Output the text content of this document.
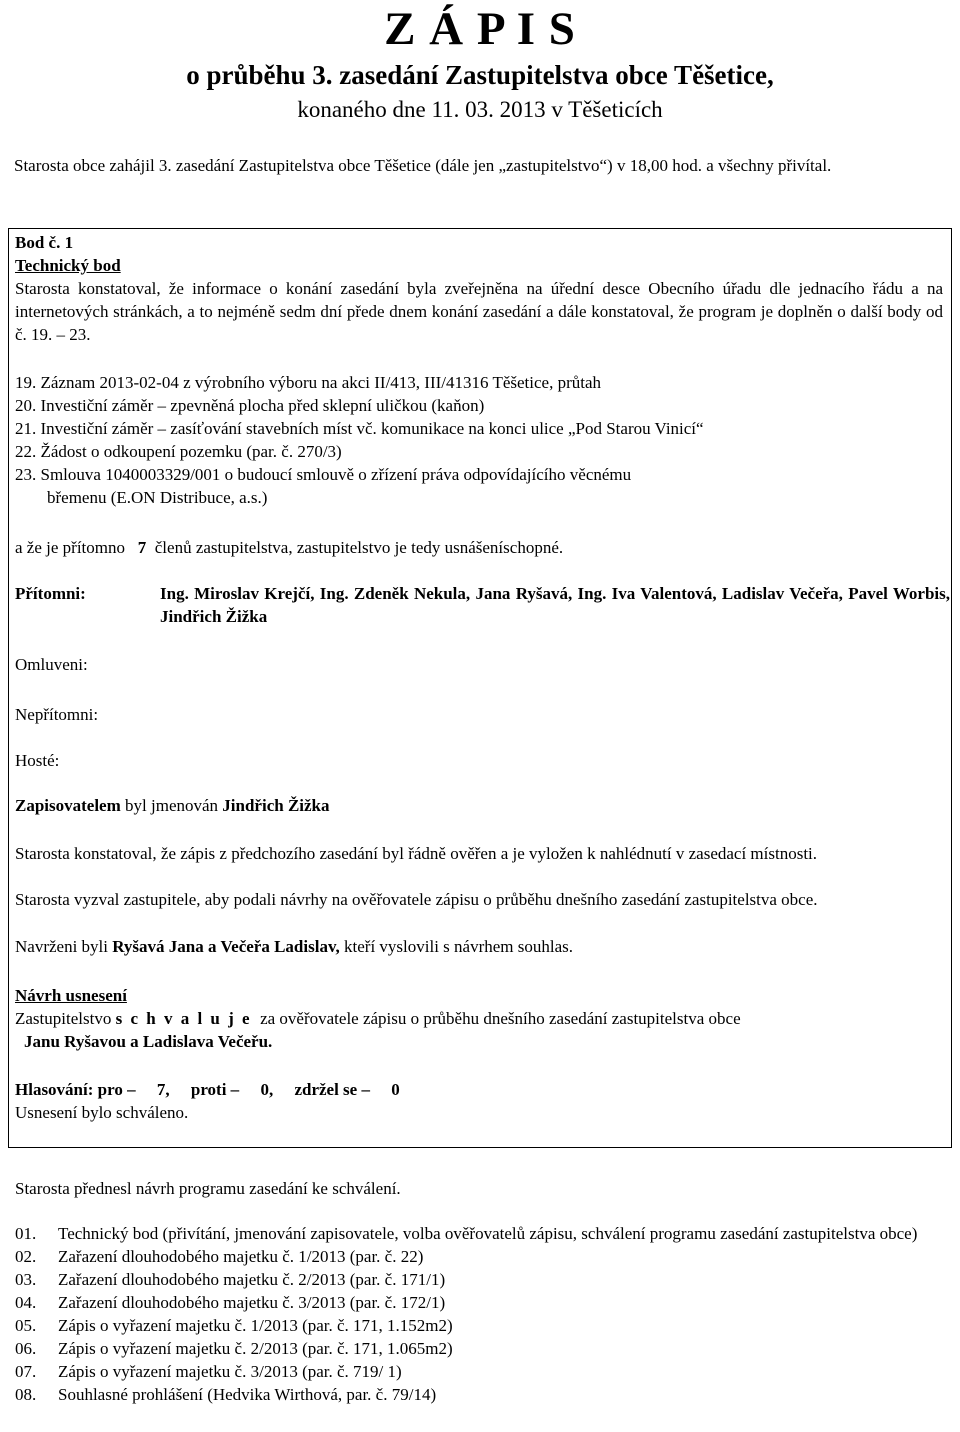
Z Á P I S
o průběhu 3. zasedání Zastupitelstva obce Těšetice,
konaného dne 11. 03. 2013 v Těšeticích
Starosta obce zahájil 3. zasedání Zastupitelstva obce Těšetice (dále jen „zastupitelstvo“) v 18,00 hod. a všechny přivítal.
Bod č. 1
Technický bod
Starosta konstatoval, že informace o konání zasedání byla zveřejněna na úřední desce Obecního úřadu dle jednacího řádu a na internetových stránkách, a to nejméně sedm dní přede dnem konání zasedání a dále konstatoval, že program je doplněn o další body od č. 19. – 23.
19. Záznam 2013-02-04 z výrobního výboru na akci II/413, III/41316 Těšetice, průtah
20. Investiční záměr – zpevněná plocha před sklepní uličkou (kaňon)
21. Investiční záměr – zasíťování stavebních míst vč. komunikace na konci ulice „Pod Starou Vinicí“
22. Žádost o odkoupení pozemku (par. č. 270/3)
23. Smlouva 1040003329/001 o budoucí smlouvě o zřízení práva odpovídajícího věcnému
břemenu (E.ON Distribuce, a.s.)
a že je přítomno 7 členů zastupitelstva, zastupitelstvo je tedy usnášeníschopné.
Přítomni:	Ing. Miroslav Krejčí, Ing. Zdeněk Nekula, Jana Ryšavá, Ing. Iva Valentová, Ladislav Večeřa, Pavel Worbis, Jindřich Žižka
Omluveni:
Nepřítomni:
Hosté:
Zapisovatelem byl jmenován Jindřich Žižka
Starosta konstatoval, že zápis z předchozího zasedání byl řádně ověřen a je vyložen k nahlédnutí v zasedací místnosti.
Starosta vyzval zastupitele, aby podali návrhy na ověřovatele zápisu o průběhu dnešního zasedání zastupitelstva obce.
Navrženi byli Ryšavá Jana a Večeřa Ladislav, kteří vyslovili s návrhem souhlas.
Návrh usnesení
Zastupitelstvo s c h v a l u j e za ověřovatele zápisu o průběhu dnešního zasedání zastupitelstva obce
Janu Ryšavou a Ladislava Večeřu.
Hlasování: pro – 7, proti – 0, zdržel se – 0
Usnesení bylo schváleno.
Starosta přednesl návrh programu zasedání ke schválení.
01.	Technický bod (přivítání, jmenování zapisovatele, volba ověřovatelů zápisu, schválení programu zasedání zastupitelstva obce)
02.	Zařazení dlouhodobého majetku č. 1/2013 (par. č. 22)
03.	Zařazení dlouhodobého majetku č. 2/2013 (par. č. 171/1)
04.	Zařazení dlouhodobého majetku č. 3/2013 (par. č. 172/1)
05.	Zápis o vyřazení majetku č. 1/2013 (par. č. 171, 1.152m2)
06.	Zápis o vyřazení majetku č. 2/2013 (par. č. 171, 1.065m2)
07.	Zápis o vyřazení majetku č. 3/2013 (par. č. 719/ 1)
08.	Souhlasné prohlášení (Hedvika Wirthová, par. č. 79/14)
